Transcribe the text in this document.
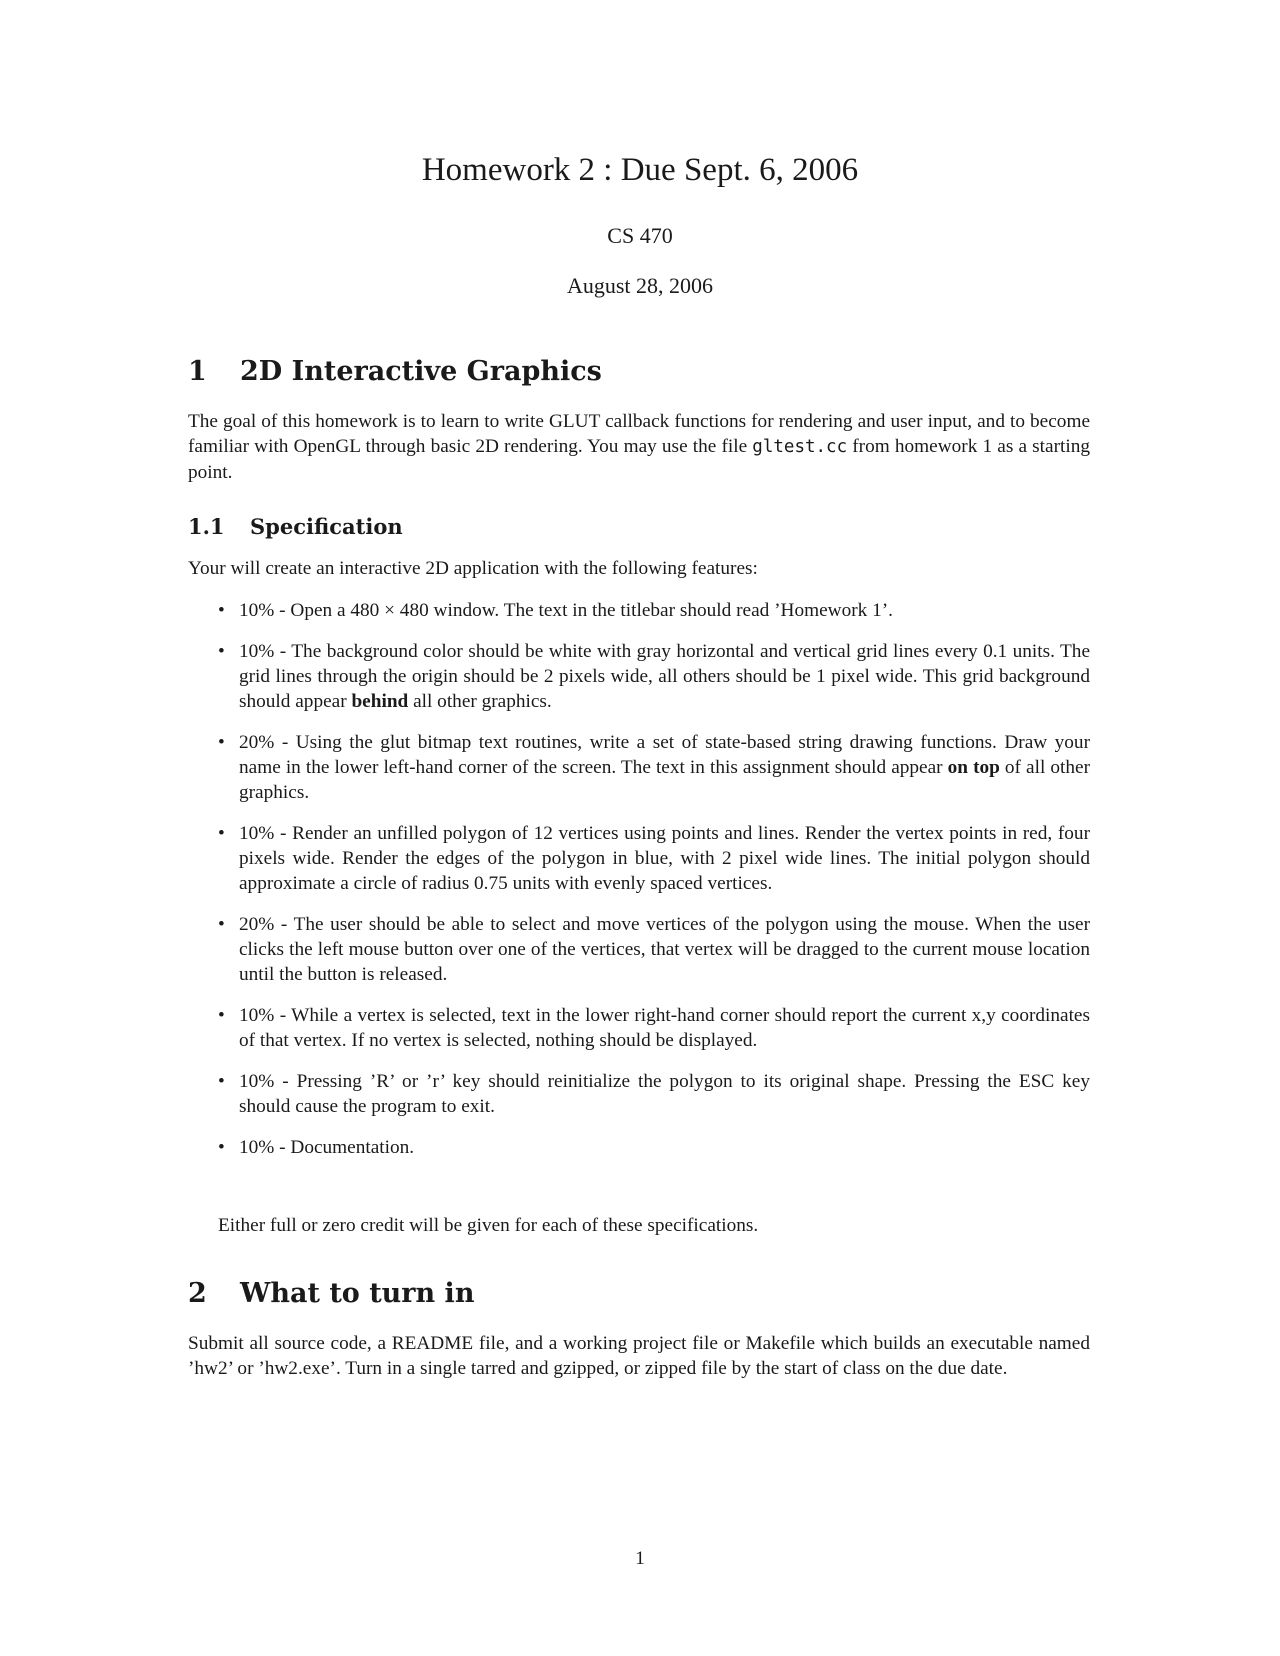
Homework 2 : Due Sept. 6, 2006
CS 470
August 28, 2006
1 2D Interactive Graphics

The goal of this homework is to learn to write GLUT callback functions for rendering and user input, and to become familiar with OpenGL through basic 2D rendering. You may use the file gltest.cc from homework 1 as a starting point.

1.1 Specification

Your will create an interactive 2D application with the following features:

• 10% - Open a 480 × 480 window. The text in the titlebar should read ’Homework 1’.
• 10% - The background color should be white with gray horizontal and vertical grid lines every 0.1 units. The grid lines through the origin should be 2 pixels wide, all others should be 1 pixel wide. This grid background should appear behind all other graphics.
• 20% - Using the glut bitmap text routines, write a set of state-based string drawing functions. Draw your name in the lower left-hand corner of the screen. The text in this assignment should appear on top of all other graphics.
• 10% - Render an unfilled polygon of 12 vertices using points and lines. Render the vertex points in red, four pixels wide. Render the edges of the polygon in blue, with 2 pixel wide lines. The initial polygon should approximate a circle of radius 0.75 units with evenly spaced vertices.
• 20% - The user should be able to select and move vertices of the polygon using the mouse. When the user clicks the left mouse button over one of the vertices, that vertex will be dragged to the current mouse location until the button is released.
• 10% - While a vertex is selected, text in the lower right-hand corner should report the current x,y coordinates of that vertex. If no vertex is selected, nothing should be displayed.
• 10% - Pressing ’R’ or ’r’ key should reinitialize the polygon to its original shape. Pressing the ESC key should cause the program to exit.
• 10% - Documentation.
Either full or zero credit will be given for each of these specifications.
2 What to turn in

Submit all source code, a README file, and a working project file or Makefile which builds an executable named ’hw2’ or ’hw2.exe’. Turn in a single tarred and gzipped, or zipped file by the start of class on the due date.

1
